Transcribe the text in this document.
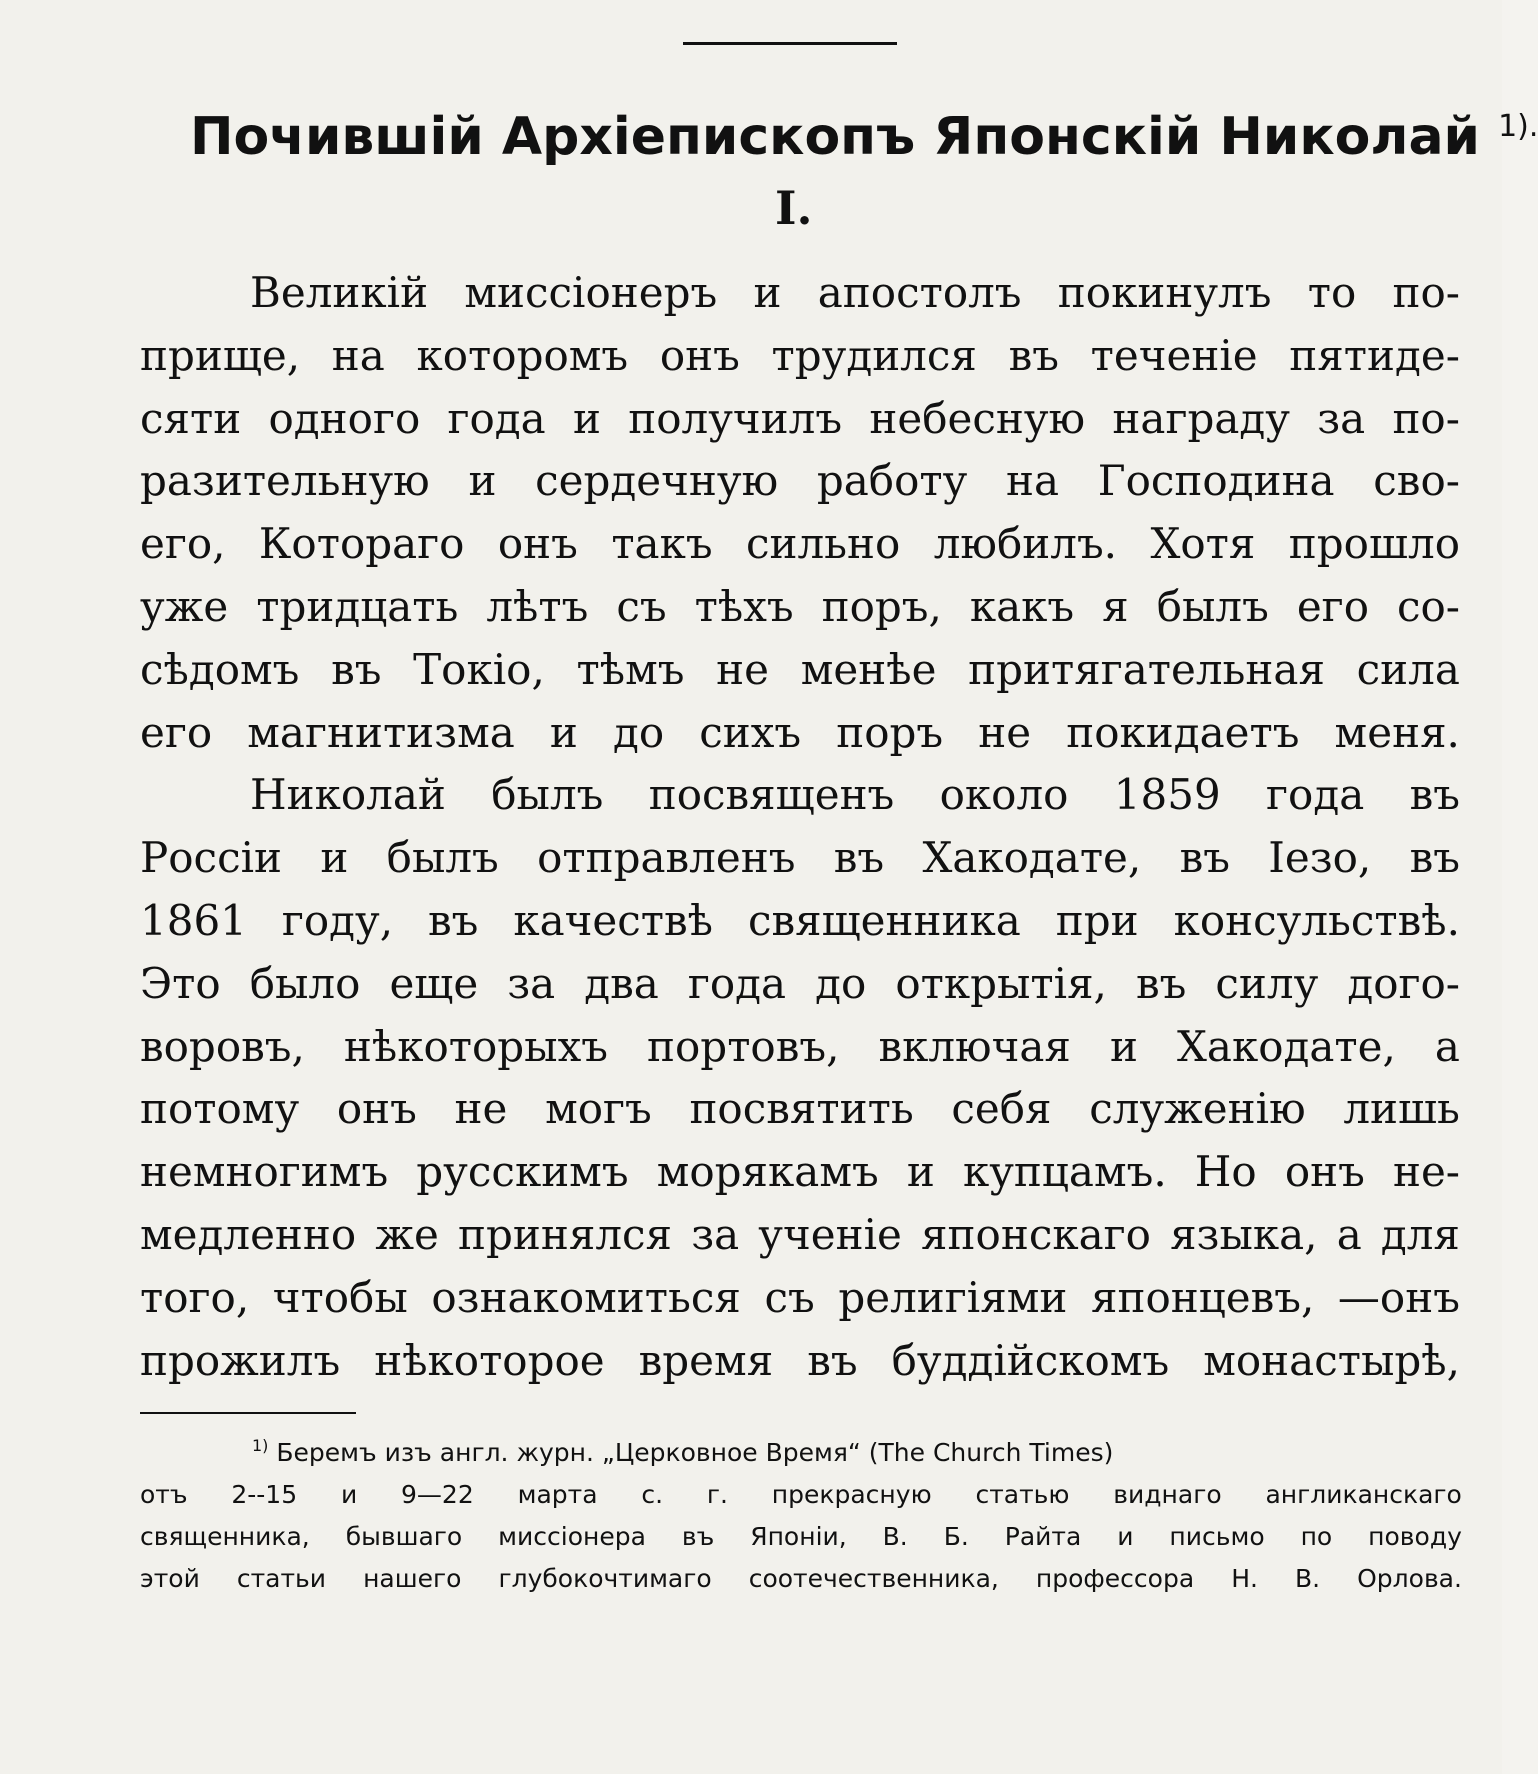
Почившій Архіепископъ Японскій Николай $^{1).}$
I.
Великій миссіонеръ и апостолъ покинулъ то по-
прище, на которомъ онъ трудился въ теченіе пятиде-
сяти одного года и получилъ небесную награду за по-
разительную и сердечную работу на Господина сво-
его, Котораго онъ такъ сильно любилъ. Хотя прошло
уже тридцать лѣтъ съ тѣхъ поръ, какъ я былъ его со-
сѣдомъ въ Токіо, тѣмъ не менѣе притягательная сила
его магнитизма и до сихъ поръ не покидаетъ меня.
Николай былъ посвященъ около 1859 года въ
Россіи и былъ отправленъ въ Хакодате, въ Іезо, въ
1861 году, въ качествѣ священника при консульствѣ.
Это было еще за два года до открытія, въ силу дого-
воровъ, нѣкоторыхъ портовъ, включая и Хакодате, а
потому онъ не могъ посвятить себя служенію лишь
немногимъ русскимъ морякамъ и купцамъ. Но онъ не-
медленно же принялся за ученіе японскаго языка, а для
того, чтобы ознакомиться съ религіями японцевъ, —онъ
прожилъ нѣкоторое время въ буддійскомъ монастырѣ,
$^{1)}$ Беремъ изъ англ. журн. „Церковное Время“ (The Church Times)
отъ 2--15 и 9—22 марта с. г. прекрасную статью виднаго англиканскаго
священника, бывшаго миссіонера въ Японіи, В. Б. Райта и письмо по поводу
этой статьи нашего глубокочтимаго соотечественника, профессора Н. В. Орлова.
